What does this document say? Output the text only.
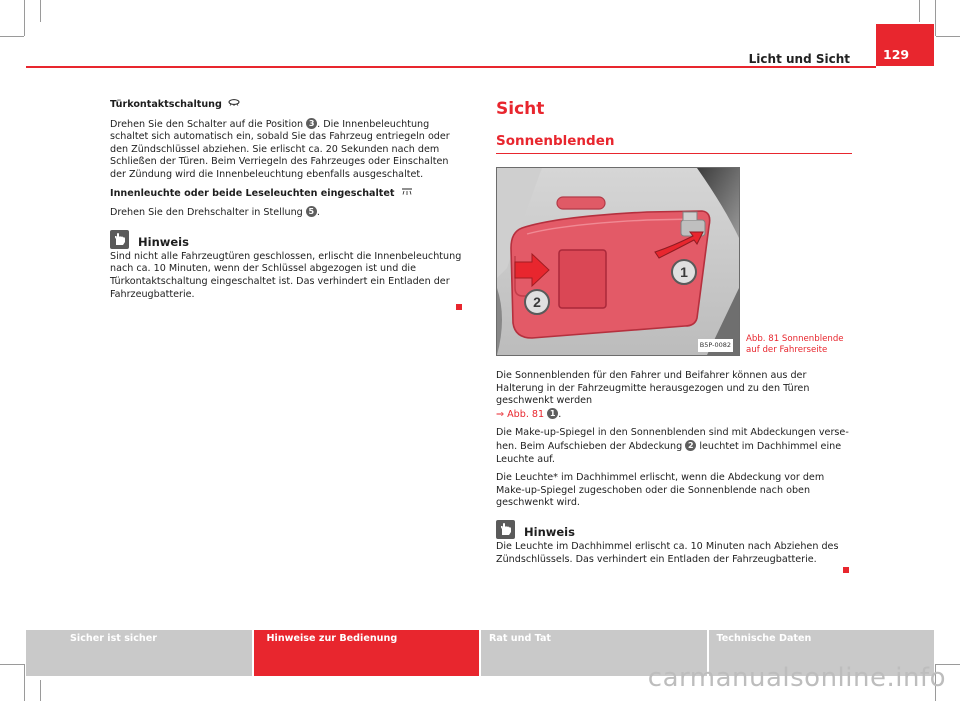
Licht und Sicht	129
Türkontaktschaltung

Drehen Sie den Schalter auf die Position 3 . Die Innenbeleuchtung schaltet sich automatisch ein, sobald Sie das Fahrzeug entriegeln oder den Zündschlüssel abziehen. Sie erlischt ca. 20 Sekunden nach dem Schließen der Türen. Beim Verriegeln des Fahrzeuges oder Einschalten der Zündung wird die Innenbeleuchtung ebenfalls ausgeschaltet.

Innenleuchte oder beide Leseleuchten eingeschaltet

Drehen Sie den Drehschalter in Stellung 5 .

Hinweis

Sind nicht alle Fahrzeugtüren geschlossen, erlischt die Innenbeleuchtung nach ca. 10 Minuten, wenn der Schlüssel abgezogen ist und die Türkontaktschaltung eingeschaltet ist. Das verhindert ein Entladen der Fahrzeugbatterie.

Sicht
Sonnenblenden
1
2
B5P-0082
Abb. 81 Sonnenblende
auf der Fahrerseite

Die Sonnenblenden für den Fahrer und Beifahrer können aus der Halterung in der Fahrzeugmitte herausgezogen und zu den Türen geschwenkt werden
⇒ Abb. 81 1 .

Die Make-up-Spiegel in den Sonnenblenden sind mit Abdeckungen versehen. Beim Aufschieben der Abdeckung 2 leuchtet im Dachhimmel eine Leuchte auf.

Die Leuchte* im Dachhimmel erlischt, wenn die Abdeckung vor dem Make-up-Spiegel zugeschoben oder die Sonnenblende nach oben geschwenkt wird.

Hinweis

Die Leuchte im Dachhimmel erlischt ca. 10 Minuten nach Abziehen des Zündschlüssels. Das verhindert ein Entladen der Fahrzeugbatterie.

Sicher ist sicher	Hinweise zur Bedienung	Rat und Tat	Technische Daten
carmanualsonline.info
